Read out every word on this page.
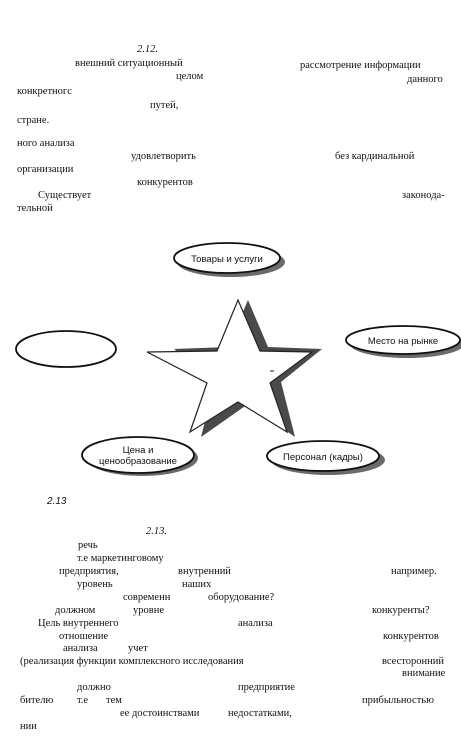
2.12.
внешний ситуационный	рассмотрение информации
целом	данного
конкретногс
путей,
стране.
ного анализа
удовлетворить	без кардинальной
организации
конкурентов
Существует	законода-
тельной
Товары и услуги
Место на рынке
Цена и
ценообразование	Персонал (кадры)
2.13
2.13.
речь
т.е маркетинговому
предприятия,	внутренний	например.
уровень	наших
современн	оборудование?
должном	уровне	конкуренты?
Цель внутреннего	анализа
отношение	конкурентов
анализа	учет
(реализация функции комплексного исследования	всесторонний
внимание
должно	предприятие
бителю т.е тем	прибыльностью
ее достоинствами	недостатками,
нии
